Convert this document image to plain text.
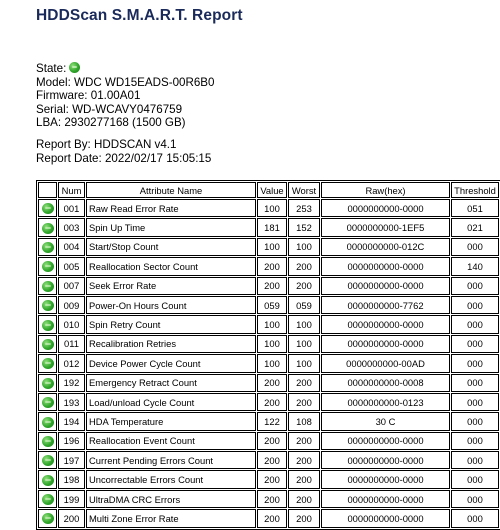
HDDScan S.M.A.R.T. Report
State:
Model: WDC WD15EADS-00R6B0
Firmware: 01.00A01
Serial: WD-WCAVY0476759
LBA: 2930277168 (1500 GB)
Report By: HDDSCAN v4.1
Report Date: 2022/02/17 15:05:15
	Num	Attribute Name	Value	Worst	Raw(hex)	Threshold
	001	Raw Read Error Rate	100	253	0000000000-0000	051
	003	Spin Up Time	181	152	0000000000-1EF5	021
	004	Start/Stop Count	100	100	0000000000-012C	000
	005	Reallocation Sector Count	200	200	0000000000-0000	140
	007	Seek Error Rate	200	200	0000000000-0000	000
	009	Power-On Hours Count	059	059	0000000000-7762	000
	010	Spin Retry Count	100	100	0000000000-0000	000
	011	Recalibration Retries	100	100	0000000000-0000	000
	012	Device Power Cycle Count	100	100	0000000000-00AD	000
	192	Emergency Retract Count	200	200	0000000000-0008	000
	193	Load/unload Cycle Count	200	200	0000000000-0123	000
	194	HDA Temperature	122	108	30 C	000
	196	Reallocation Event Count	200	200	0000000000-0000	000
	197	Current Pending Errors Count	200	200	0000000000-0000	000
	198	Uncorrectable Errors Count	200	200	0000000000-0000	000
	199	UltraDMA CRC Errors	200	200	0000000000-0000	000
	200	Multi Zone Error Rate	200	200	0000000000-0000	000
